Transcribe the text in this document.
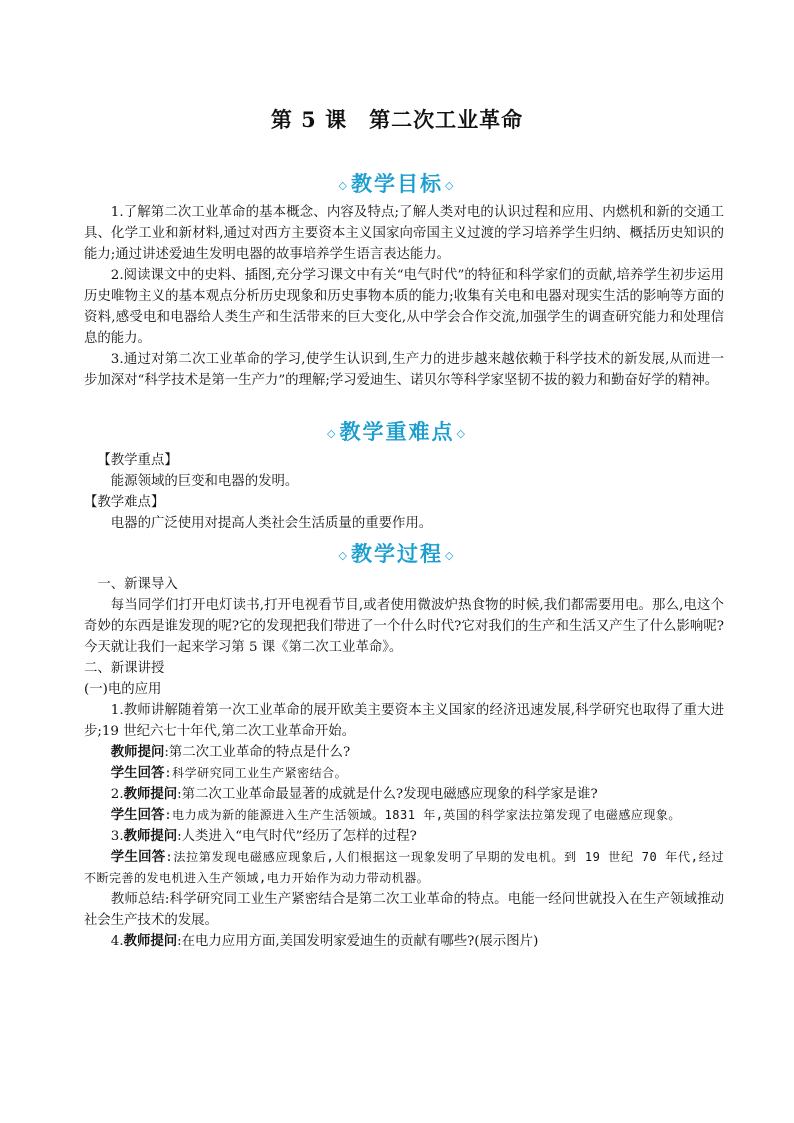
第 5 课　第二次工业革命
◇教学目标 ◇

1.了解第二次工业革命的基本概念、内容及特点;了解人类对电的认识过程和应用、内燃机和新的交通工具、化学工业和新材料,通过对西方主要资本主义国家向帝国主义过渡的学习培养学生归纳、概括历史知识的能力;通过讲述爱迪生发明电器的故事培养学生语言表达能力。

2.阅读课文中的史料、插图,充分学习课文中有关“电气时代”的特征和科学家们的贡献,培养学生初步运用历史唯物主义的基本观点分析历史现象和历史事物本质的能力;收集有关电和电器对现实生活的影响等方面的资料,感受电和电器给人类生产和生活带来的巨大变化,从中学会合作交流,加强学生的调查研究能力和处理信息的能力。

3.通过对第二次工业革命的学习,使学生认识到,生产力的进步越来越依赖于科学技术的新发展,从而进一步加深对“科学技术是第一生产力”的理解;学习爱迪生、诺贝尔等科学家坚韧不拔的毅力和勤奋好学的精神。

◇教学重难点 ◇

【教学重点】

能源领域的巨变和电器的发明。

【教学难点】

电器的广泛使用对提高人类社会生活质量的重要作用。

◇教学过程 ◇

一、新课导入

每当同学们打开电灯读书,打开电视看节目,或者使用微波炉热食物的时候,我们都需要用电。那么,电这个奇妙的东西是谁发现的呢?它的发现把我们带进了一个什么时代?它对我们的生产和生活又产生了什么影响呢?今天就让我们一起来学习第 5 课《第二次工业革命》。

二、新课讲授

(一)电的应用

1.教师讲解随着第一次工业革命的展开欧美主要资本主义国家的经济迅速发展,科学研究也取得了重大进步;19 世纪六七十年代,第二次工业革命开始。

教师提问:第二次工业革命的特点是什么?

学生回答:科学研究同工业生产紧密结合。

2.教师提问:第二次工业革命最显著的成就是什么?发现电磁感应现象的科学家是谁?

学生回答:电力成为新的能源进入生产生活领域。1831 年,英国的科学家法拉第发现了电磁感应现象。

3.教师提问:人类进入“电气时代”经历了怎样的过程?

学生回答:法拉第发现电磁感应现象后,人们根据这一现象发明了早期的发电机。到 19 世纪 70 年代,经过不断完善的发电机进入生产领域,电力开始作为动力带动机器。

教师总结:科学研究同工业生产紧密结合是第二次工业革命的特点。电能一经问世就投入在生产领域推动社会生产技术的发展。

4.教师提问:在电力应用方面,美国发明家爱迪生的贡献有哪些?(展示图片)
